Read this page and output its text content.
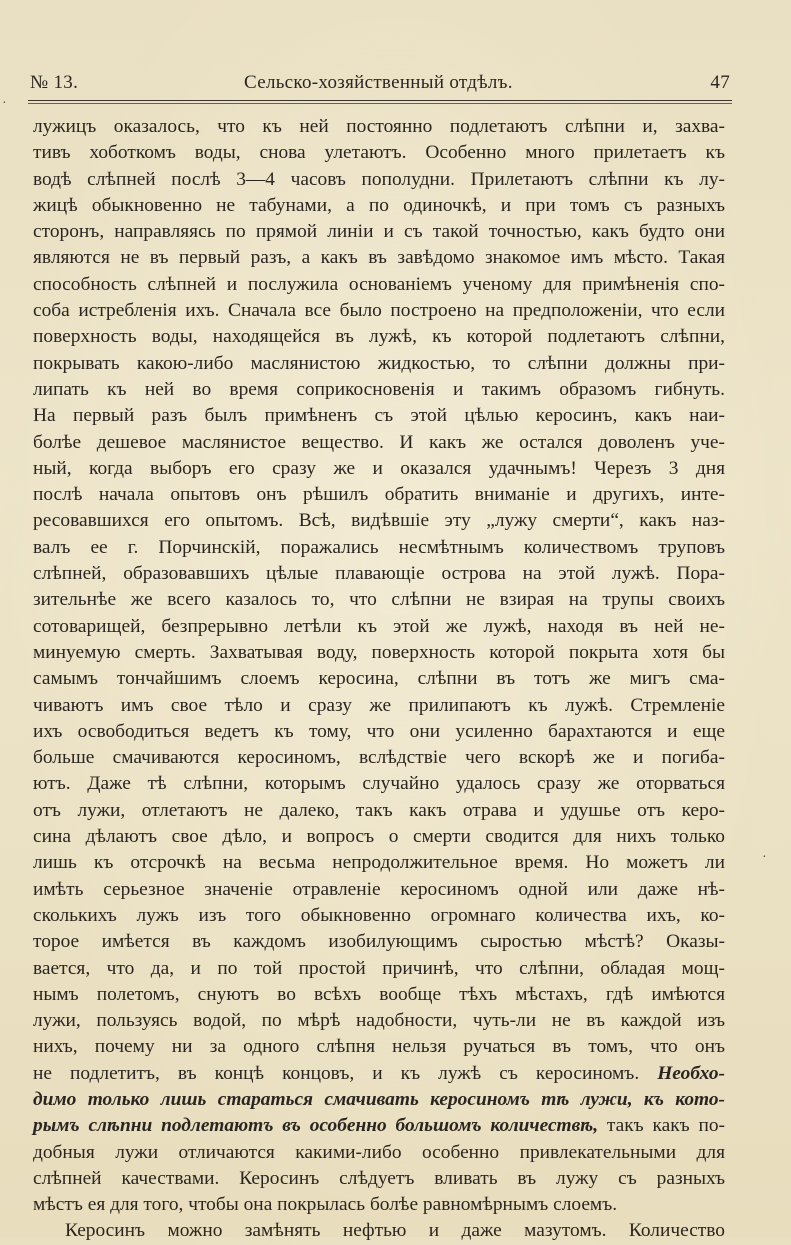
№ 13.	Сельско-хозяйственный отдѣлъ.	47
·
·
лужицъ оказалось, что къ ней постоянно подлетаютъ слѣпни и, захва-
тивъ хоботкомъ воды, снова улетаютъ. Особенно много прилетаетъ къ
водѣ слѣпней послѣ 3—4 часовъ пополудни. Прилетаютъ слѣпни къ лу-
жицѣ обыкновенно не табунами, а по одиночкѣ, и при томъ съ разныхъ
сторонъ, направляясь по прямой линіи и съ такой точностью, какъ будто они
являются не въ первый разъ, а какъ въ завѣдомо знакомое имъ мѣсто. Такая
способность слѣпней и послужила основаніемъ ученому для примѣненія спо-
соба истребленія ихъ. Сначала все было построено на предположеніи, что если
поверхность воды, находящейся въ лужѣ, къ которой подлетаютъ слѣпни,
покрывать какою-либо маслянистою жидкостью, то слѣпни должны при-
липать къ ней во время соприкосновенія и такимъ образомъ гибнуть.
На первый разъ былъ примѣненъ съ этой цѣлью керосинъ, какъ наи-
болѣе дешевое маслянистое вещество. И какъ же остался доволенъ уче-
ный, когда выборъ его сразу же и оказался удачнымъ! Черезъ 3 дня
послѣ начала опытовъ онъ рѣшилъ обратить вниманіе и другихъ, инте-
ресовавшихся его опытомъ. Всѣ, видѣвшіе эту „лужу смерти“, какъ наз-
валъ ее г. Порчинскій, поражались несмѣтнымъ количествомъ труповъ
слѣпней, образовавшихъ цѣлые плавающіе острова на этой лужѣ. Пора-
зительнѣе же всего казалось то, что слѣпни не взирая на трупы своихъ
сотоварищей, безпрерывно летѣли къ этой же лужѣ, находя въ ней не-
минуемую смерть. Захватывая воду, поверхность которой покрыта хотя бы
самымъ тончайшимъ слоемъ керосина, слѣпни въ тотъ же мигъ сма-
чиваютъ имъ свое тѣло и сразу же прилипаютъ къ лужѣ. Стремленіе
ихъ освободиться ведетъ къ тому, что они усиленно барахтаются и еще
больше смачиваются керосиномъ, вслѣдствіе чего вскорѣ же и погиба-
ютъ. Даже тѣ слѣпни, которымъ случайно удалось сразу же оторваться
отъ лужи, отлетаютъ не далеко, такъ какъ отрава и удушье отъ керо-
сина дѣлаютъ свое дѣло, и вопросъ о смерти сводится для нихъ только
лишь къ отсрочкѣ на весьма непродолжительное время. Но можетъ ли
имѣть серьезное значеніе отравленіе керосиномъ одной или даже нѣ-
сколькихъ лужъ изъ того обыкновенно огромнаго количества ихъ, ко-
торое имѣется въ каждомъ изобилующимъ сыростью мѣстѣ? Оказы-
вается, что да, и по той простой причинѣ, что слѣпни, обладая мощ-
нымъ полетомъ, снуютъ во всѣхъ вообще тѣхъ мѣстахъ, гдѣ имѣются
лужи, пользуясь водой, по мѣрѣ надобности, чуть-ли не въ каждой изъ
нихъ, почему ни за одного слѣпня нельзя ручаться въ томъ, что онъ
не подлетитъ, въ концѣ концовъ, и къ лужѣ съ керосиномъ. Необхо-
димо только лишь стараться смачивать керосиномъ тѣ лужи, къ кото-
рымъ слѣпни подлетаютъ въ особенно большомъ количествѣ, такъ какъ по-
добныя лужи отличаются какими-либо особенно привлекательными для
слѣпней качествами. Керосинъ слѣдуетъ вливать въ лужу съ разныхъ
мѣстъ ея для того, чтобы она покрылась болѣе равномѣрнымъ слоемъ.
Керосинъ можно замѣнять нефтью и даже мазутомъ. Количество
